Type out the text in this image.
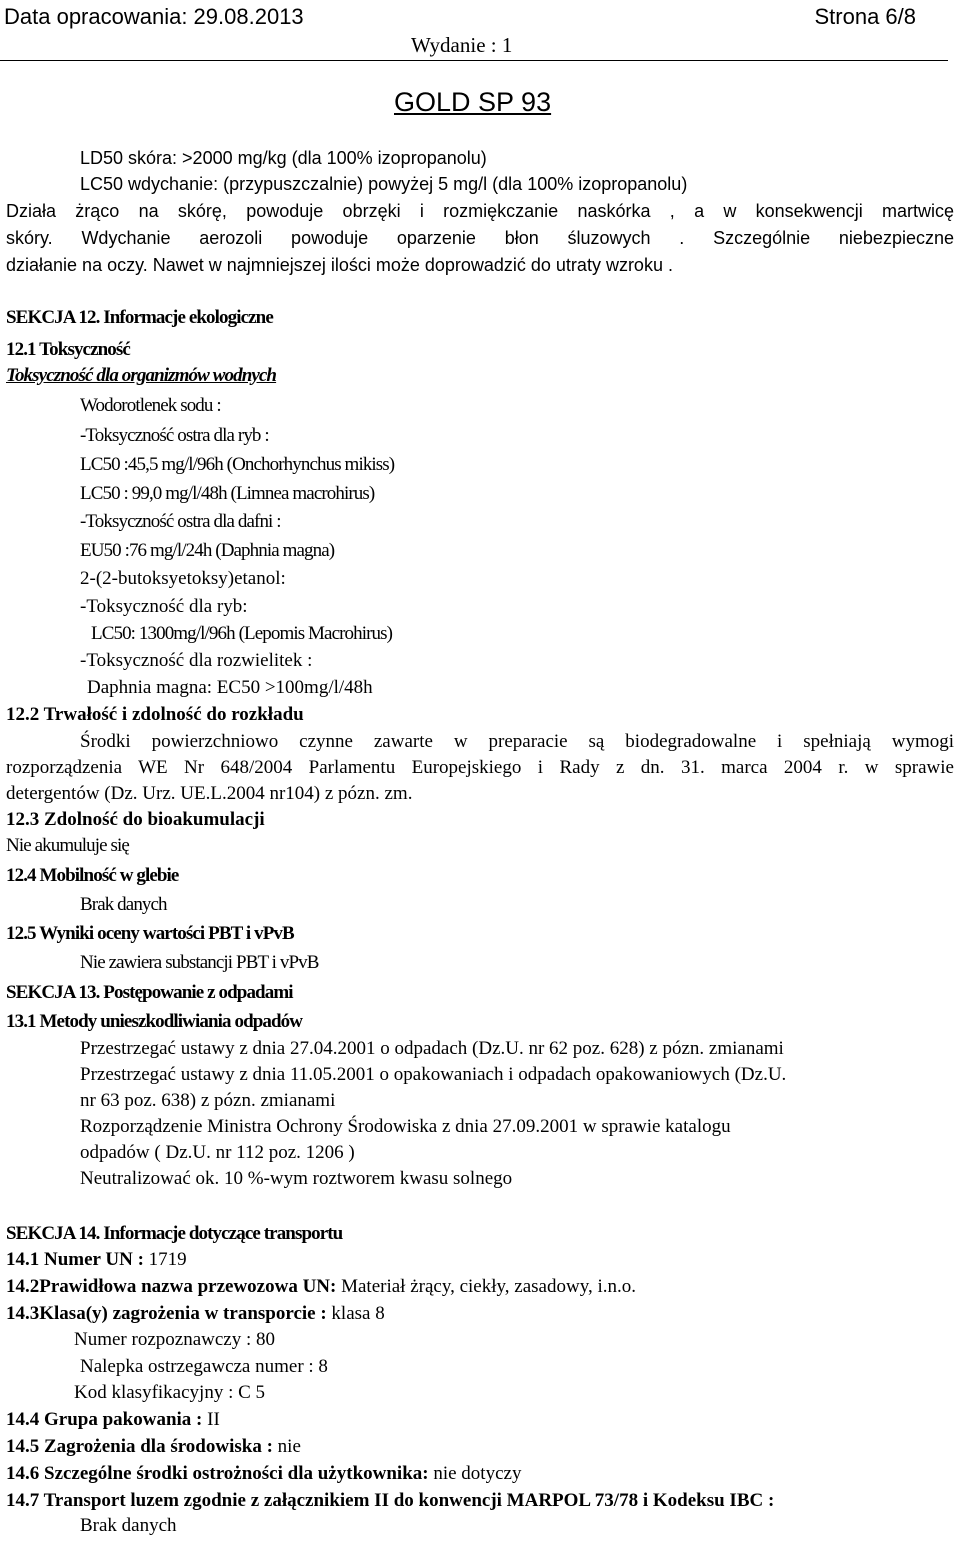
Data opracowania: 29.08.2013	Strona 6/8
Wydanie : 1
GOLD SP 93
LD50 skóra: >2000 mg/kg (dla 100% izopropanolu)
LC50 wdychanie: (przypuszczalnie) powyżej 5 mg/l (dla 100% izopropanolu)
Działa żrąco na skórę, powoduje obrzęki i rozmiękczanie naskórka , a w konsekwencji martwicę
skóry. Wdychanie aerozoli powoduje oparzenie błon śluzowych . Szczególnie niebezpieczne
działanie na oczy. Nawet w najmniejszej ilości może doprowadzić do utraty wzroku .
SEKCJA 12. Informacje ekologiczne
12.1 Toksyczność
Toksyczność dla organizmów wodnych
Wodorotlenek sodu :
-Toksyczność ostra dla ryb :
LC50 :45,5 mg/l/96h (Onchorhynchus mikiss)
LC50 : 99,0 mg/l/48h (Limnea macrohirus)
-Toksyczność ostra dla dafni :
EU50 :76 mg/l/24h (Daphnia magna)
2-(2-butoksyetoksy)etanol:
-Toksyczność dla ryb:
LC50: 1300mg/l/96h (Lepomis Macrohirus)
-Toksyczność dla rozwielitek :
Daphnia magna: EC50 >100mg/l/48h
12.2 Trwałość i zdolność do rozkładu
Środki powierzchniowo czynne zawarte w preparacie są biodegradowalne i spełniają wymogi
rozporządzenia WE Nr 648/2004 Parlamentu Europejskiego i Rady z dn. 31. marca 2004 r. w sprawie
detergentów (Dz. Urz. UE.L.2004 nr104) z pózn. zm.
12.3 Zdolność do bioakumulacji
Nie akumuluje się
12.4 Mobilność w glebie
Brak danych
12.5 Wyniki oceny wartości PBT i vPvB
Nie zawiera substancji PBT i vPvB
SEKCJA 13. Postępowanie z odpadami
13.1 Metody unieszkodliwiania odpadów
Przestrzegać ustawy z dnia 27.04.2001 o odpadach (Dz.U. nr 62 poz. 628) z pózn. zmianami
Przestrzegać ustawy z dnia 11.05.2001 o opakowaniach i odpadach opakowaniowych (Dz.U.
nr 63 poz. 638) z pózn. zmianami
Rozporządzenie Ministra Ochrony Środowiska z dnia 27.09.2001 w sprawie katalogu
odpadów ( Dz.U. nr 112 poz. 1206 )
Neutralizować ok. 10 %-wym roztworem kwasu solnego
SEKCJA 14. Informacje dotyczące transportu
14.1 Numer UN : 1719
14.2Prawidłowa nazwa przewozowa UN: Materiał żrący, ciekły, zasadowy, i.n.o.
14.3Klasa(y) zagrożenia w transporcie : klasa 8
Numer rozpoznawczy : 80
Nalepka ostrzegawcza numer : 8
Kod klasyfikacyjny : C 5
14.4 Grupa pakowania : II
14.5 Zagrożenia dla środowiska : nie
14.6 Szczególne środki ostrożności dla użytkownika: nie dotyczy
14.7 Transport luzem zgodnie z załącznikiem II do konwencji MARPOL 73/78 i Kodeksu IBC :
Brak danych
